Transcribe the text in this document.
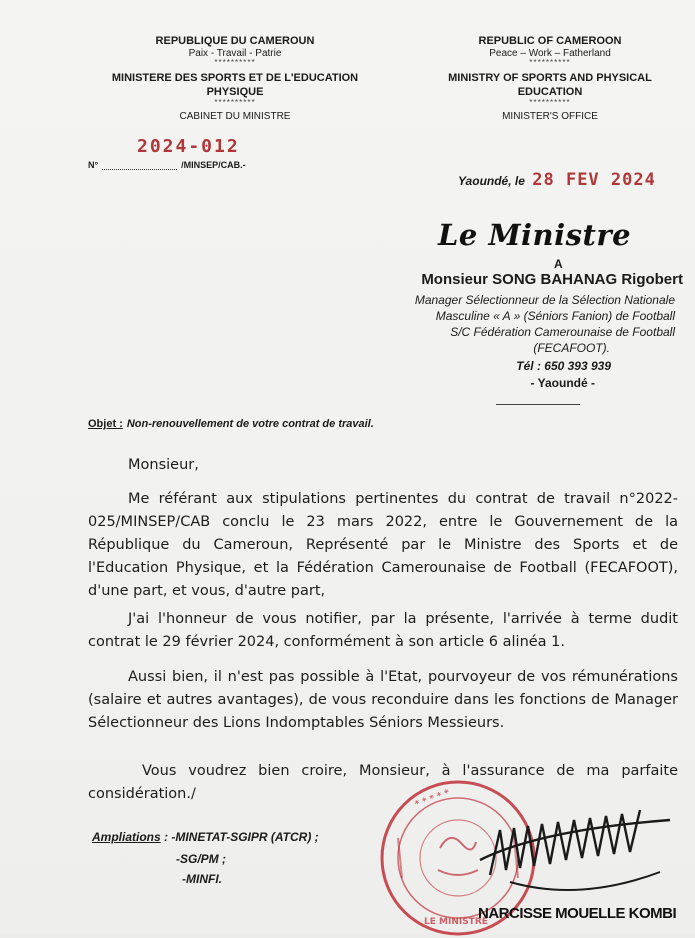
REPUBLIQUE DU CAMEROUN
Paix - Travail - Patrie
**********
MINISTERE DES SPORTS ET DE L'EDUCATION PHYSIQUE
**********
CABINET DU MINISTRE
REPUBLIC OF CAMEROON
Peace – Work – Fatherland
**********
MINISTRY OF SPORTS AND PHYSICAL EDUCATION
**********
MINISTER'S OFFICE
2024-012
N°	/MINSEP/CAB.-
Yaoundé, le 28 FEV 2024
Le Ministre
A
Monsieur SONG BAHANAG Rigobert
Manager Sélectionneur de la Sélection Nationale
Masculine « A » (Séniors Fanion) de Football
S/C Fédération Camerounaise de Football
(FECAFOOT).
Tél : 650 393 939
- Yaoundé -
Objet : Non-renouvellement de votre contrat de travail.
Monsieur,
Me référant aux stipulations pertinentes du contrat de travail n°2022-025/MINSEP/CAB conclu le 23 mars 2022, entre le Gouvernement de la République du Cameroun, Représenté par le Ministre des Sports et de l'Education Physique, et la Fédération Camerounaise de Football (FECAFOOT), d'une part, et vous, d'autre part,
J'ai l'honneur de vous notifier, par la présente, l'arrivée à terme dudit contrat le 29 février 2024, conformément à son article 6 alinéa 1.
Aussi bien, il n'est pas possible à l'Etat, pourvoyeur de vos rémunérations (salaire et autres avantages), de vous reconduire dans les fonctions de Manager Sélectionneur des Lions Indomptables Séniors Messieurs.
Vous voudrez bien croire, Monsieur, à l'assurance de ma parfaite considération./
Ampliations : -MINETAT-SGIPR (ATCR) ;
-SG/PM ;
-MINFI.
* * * * *
LE MINISTRE
NARCISSE MOUELLE KOMBI
